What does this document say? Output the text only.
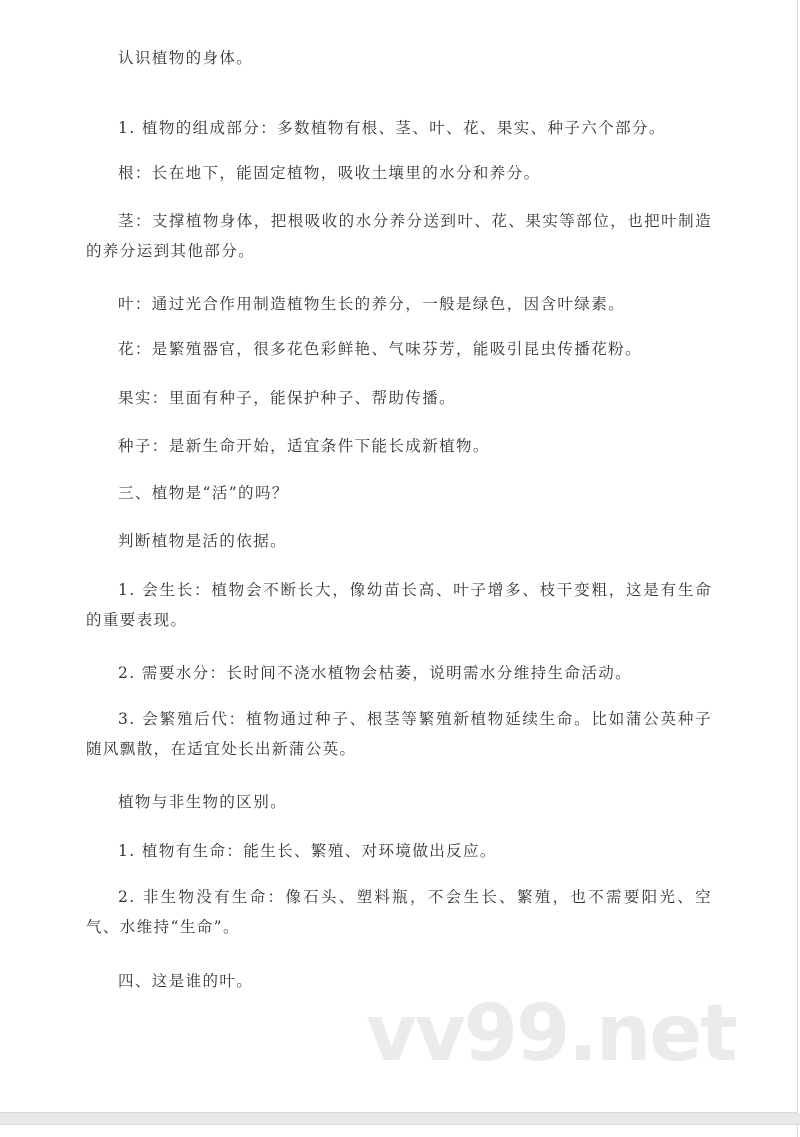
认识植物的身体。

1. 植物的组成部分：多数植物有根、茎、叶、花、果实、种子六个部分。

根：长在地下，能固定植物，吸收土壤里的水分和养分。

茎：支撑植物身体，把根吸收的水分养分送到叶、花、果实等部位，也把叶制造的养分运到其他部分。

叶：通过光合作用制造植物生长的养分，一般是绿色，因含叶绿素。

花：是繁殖器官，很多花色彩鲜艳、气味芬芳，能吸引昆虫传播花粉。

果实：里面有种子，能保护种子、帮助传播。

种子：是新生命开始，适宜条件下能长成新植物。

三、植物是“活”的吗？

判断植物是活的依据。

1. 会生长：植物会不断长大，像幼苗长高、叶子增多、枝干变粗，这是有生命的重要表现。

2. 需要水分：长时间不浇水植物会枯萎，说明需水分维持生命活动。

3. 会繁殖后代：植物通过种子、根茎等繁殖新植物延续生命。比如蒲公英种子随风飘散，在适宜处长出新蒲公英。

植物与非生物的区别。

1. 植物有生命：能生长、繁殖、对环境做出反应。

2. 非生物没有生命：像石头、塑料瓶，不会生长、繁殖，也不需要阳光、空气、水维持“生命”。

四、这是谁的叶。

vv99.net
